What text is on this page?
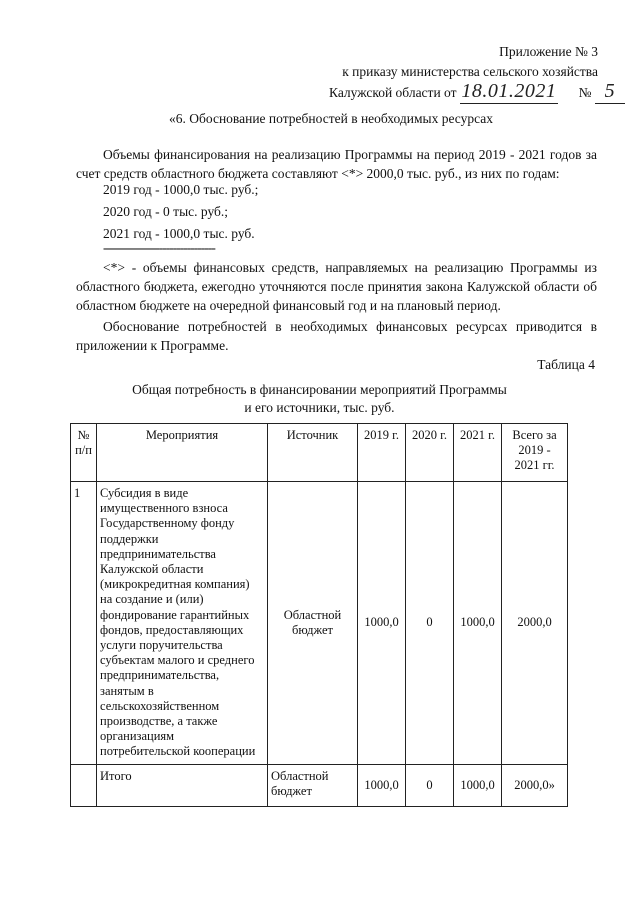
Приложение № 3
к приказу министерства сельского хозяйства
Калужской области от 18.01.2021 № 5
«6. Обоснование потребностей в необходимых ресурсах
Объемы финансирования на реализацию Программы на период 2019 - 2021 годов за счет средств областного бюджета составляют <*> 2000,0 тыс. руб., из них по годам:
2019 год - 1000,0 тыс. руб.;
2020 год - 0 тыс. руб.;
2021 год - 1000,0 тыс. руб.
--------------------------------
<*> - объемы финансовых средств, направляемых на реализацию Программы из областного бюджета, ежегодно уточняются после принятия закона Калужской области об областном бюджете на очередной финансовый год и на плановый период.
Обоснование потребностей в необходимых финансовых ресурсах приводится в приложении к Программе.
Таблица 4
Общая потребность в финансировании мероприятий Программы
и его источники, тыс. руб.
№ п/п	Мероприятия	Источник	2019 г.	2020 г.	2021 г.	Всего за 2019 - 2021 гг.
1	Субсидия в виде имущественного взноса Государственному фонду поддержки предпринимательства Калужской области (микрокредитная компания) на создание и (или) фондирование гарантийных фондов, предоставляющих услуги поручительства субъектам малого и среднего предпринимательства, занятым в сельскохозяйственном производстве, а также организациям потребительской кооперации	Областной бюджет	1000,0	0	1000,0	2000,0
	Итого	Областной бюджет	1000,0	0	1000,0	2000,0»
